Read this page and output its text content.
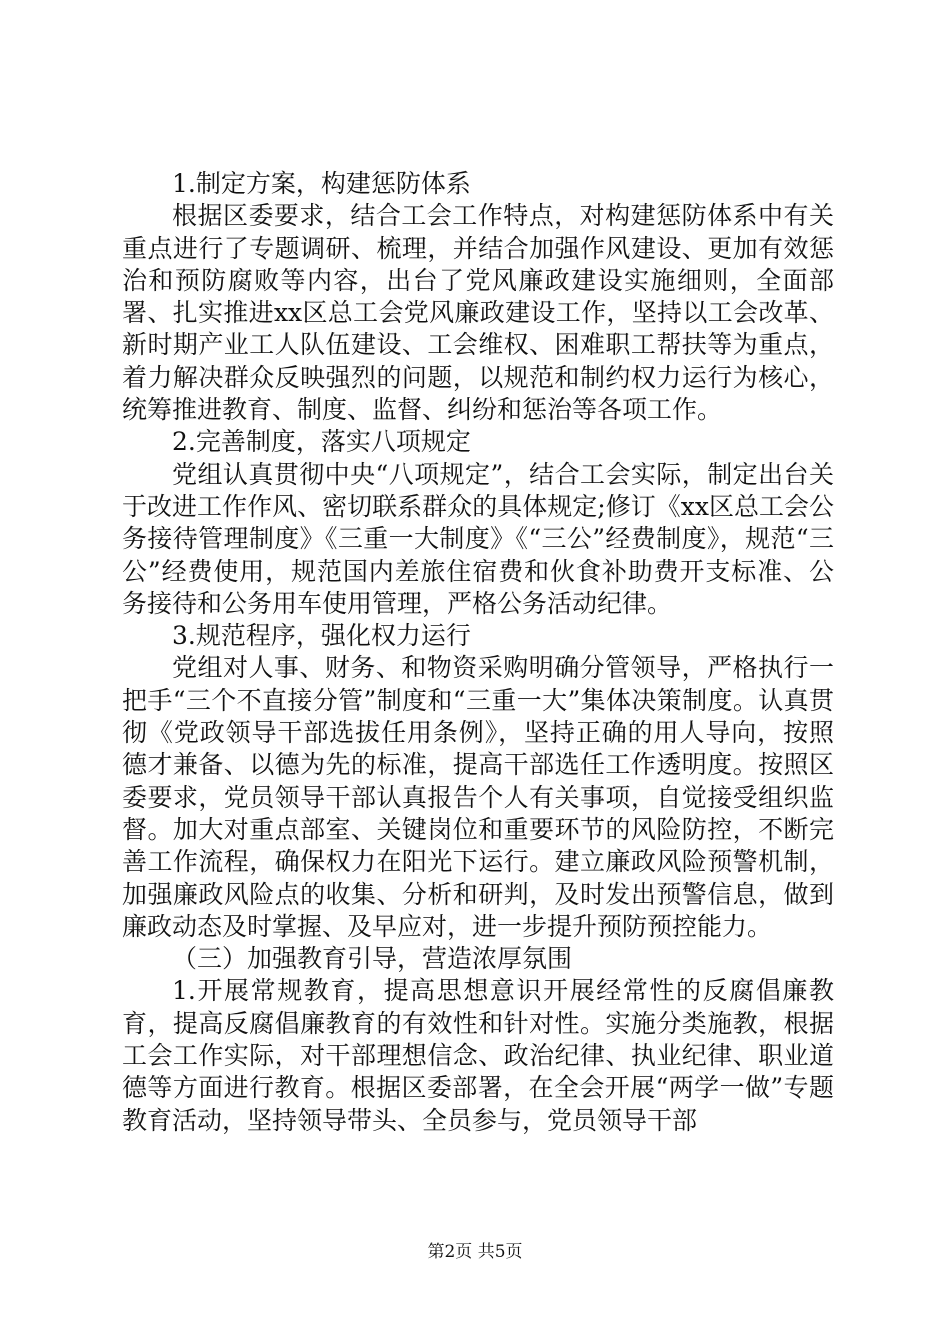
1.制定方案，构建惩防体系

根据区委要求，结合工会工作特点，对构建惩防体系中有关重点进行了专题调研、梳理，并结合加强作风建设、更加有效惩治和预防腐败等内容，出台了党风廉政建设实施细则，全面部署、扎实推进xx区总工会党风廉政建设工作，坚持以工会改革、新时期产业工人队伍建设、工会维权、困难职工帮扶等为重点，着力解决群众反映强烈的问题，以规范和制约权力运行为核心，统筹推进教育、制度、监督、纠纷和惩治等各项工作。

2.完善制度，落实八项规定

党组认真贯彻中央“八项规定”，结合工会实际，制定出台关于改进工作作风、密切联系群众的具体规定;修订《xx区总工会公务接待管理制度》《三重一大制度》《“三公”经费制度》，规范“三公”经费使用，规范国内差旅住宿费和伙食补助费开支标准、公务接待和公务用车使用管理，严格公务活动纪律。

3.规范程序，强化权力运行

党组对人事、财务、和物资采购明确分管领导，严格执行一把手“三个不直接分管”制度和“三重一大”集体决策制度。认真贯彻《党政领导干部选拔任用条例》，坚持正确的用人导向，按照德才兼备、以德为先的标准，提高干部选任工作透明度。按照区委要求，党员领导干部认真报告个人有关事项，自觉接受组织监督。加大对重点部室、关键岗位和重要环节的风险防控，不断完善工作流程，确保权力在阳光下运行。建立廉政风险预警机制，加强廉政风险点的收集、分析和研判，及时发出预警信息，做到廉政动态及时掌握、及早应对，进一步提升预防预控能力。

（三）加强教育引导，营造浓厚氛围

1.开展常规教育，提高思想意识开展经常性的反腐倡廉教育，提高反腐倡廉教育的有效性和针对性。实施分类施教，根据工会工作实际，对干部理想信念、政治纪律、执业纪律、职业道德等方面进行教育。根据区委部署，在全会开展“两学一做”专题教育活动，坚持领导带头、全员参与，党员领导干部

第2页 共5页
